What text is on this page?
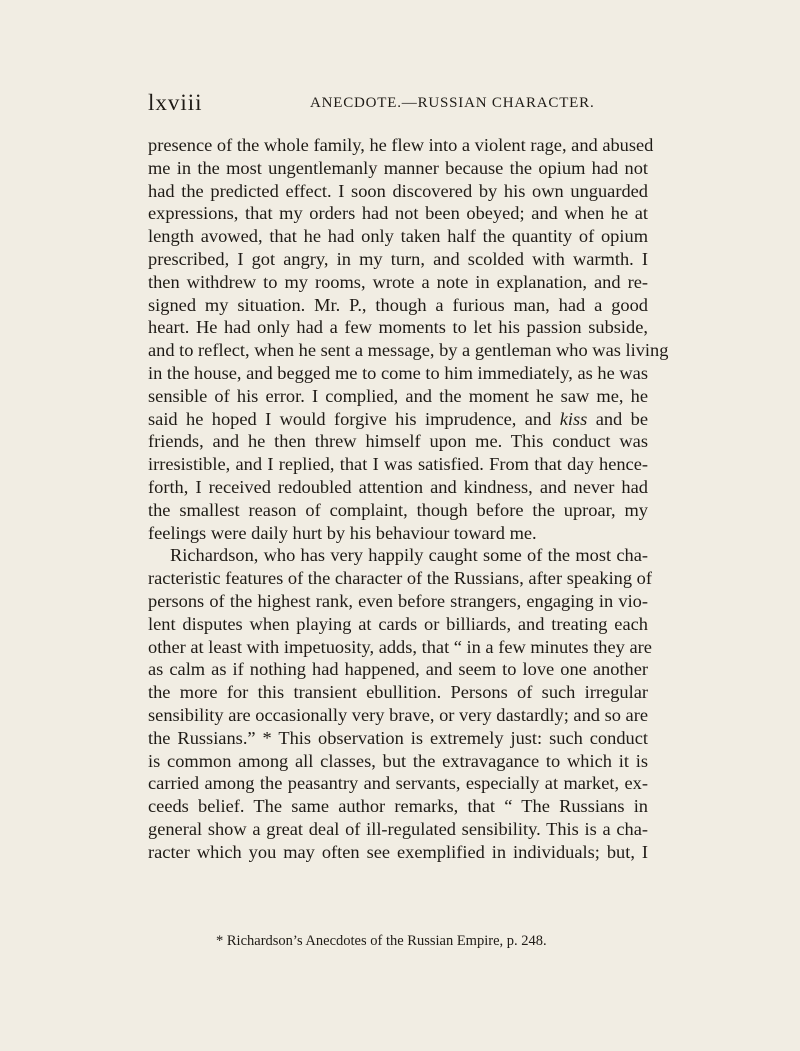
lxviii	ANECDOTE.—RUSSIAN CHARACTER.
presence of the whole family, he flew into a violent rage, and abused
me in the most ungentlemanly manner because the opium had not
had the predicted effect. I soon discovered by his own unguarded
expressions, that my orders had not been obeyed; and when he at
length avowed, that he had only taken half the quantity of opium
prescribed, I got angry, in my turn, and scolded with warmth. I
then withdrew to my rooms, wrote a note in explanation, and re-
signed my situation. Mr. P., though a furious man, had a good
heart. He had only had a few moments to let his passion subside,
and to reflect, when he sent a message, by a gentleman who was living
in the house, and begged me to come to him immediately, as he was
sensible of his error. I complied, and the moment he saw me, he
said he hoped I would forgive his imprudence, and kiss and be
friends, and he then threw himself upon me. This conduct was
irresistible, and I replied, that I was satisfied. From that day hence-
forth, I received redoubled attention and kindness, and never had
the smallest reason of complaint, though before the uproar, my
feelings were daily hurt by his behaviour toward me.
Richardson, who has very happily caught some of the most cha-
racteristic features of the character of the Russians, after speaking of
persons of the highest rank, even before strangers, engaging in vio-
lent disputes when playing at cards or billiards, and treating each
other at least with impetuosity, adds, that “ in a few minutes they are
as calm as if nothing had happened, and seem to love one another
the more for this transient ebullition. Persons of such irregular
sensibility are occasionally very brave, or very dastardly; and so are
the Russians.” * This observation is extremely just: such conduct
is common among all classes, but the extravagance to which it is
carried among the peasantry and servants, especially at market, ex-
ceeds belief. The same author remarks, that “ The Russians in
general show a great deal of ill-regulated sensibility. This is a cha-
racter which you may often see exemplified in individuals; but, I
* Richardson’s Anecdotes of the Russian Empire, p. 248.
